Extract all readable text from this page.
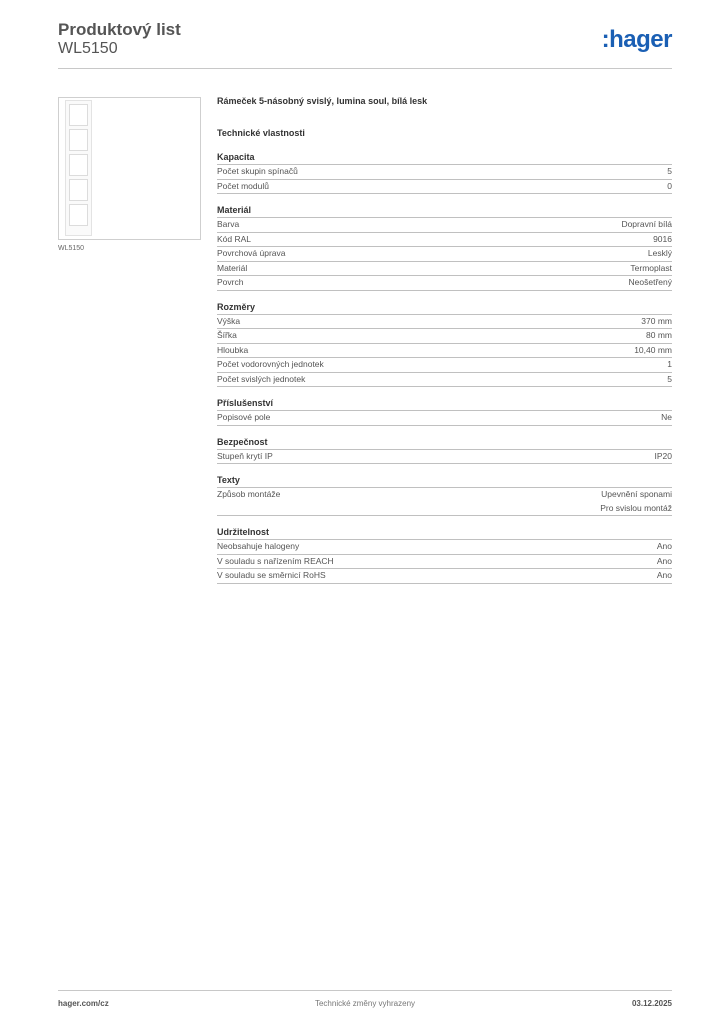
Produktový list
WL5150	:hager
WL5150
Rámeček 5-násobný svislý, lumina soul, bílá lesk
Technické vlastnosti
Kapacita
Počet skupin spínačů	5
Počet modulů	0
Materiál
Barva	Dopravní bílá
Kód RAL	9016
Povrchová úprava	Lesklý
Materiál	Termoplast
Povrch	Neošetřený
Rozměry
Výška	370 mm
Šířka	80 mm
Hloubka	10,40 mm
Počet vodorovných jednotek	1
Počet svislých jednotek	5
Příslušenství
Popisové pole	Ne
Bezpečnost
Stupeň krytí IP	IP20
Texty
Způsob montáže	Upevnění sponami
Pro svislou montáž
Udržitelnost
Neobsahuje halogeny	Ano
V souladu s nařízením REACH	Ano
V souladu se směrnicí RoHS	Ano
hager.com/cz	Technické změny vyhrazeny	03.12.2025
